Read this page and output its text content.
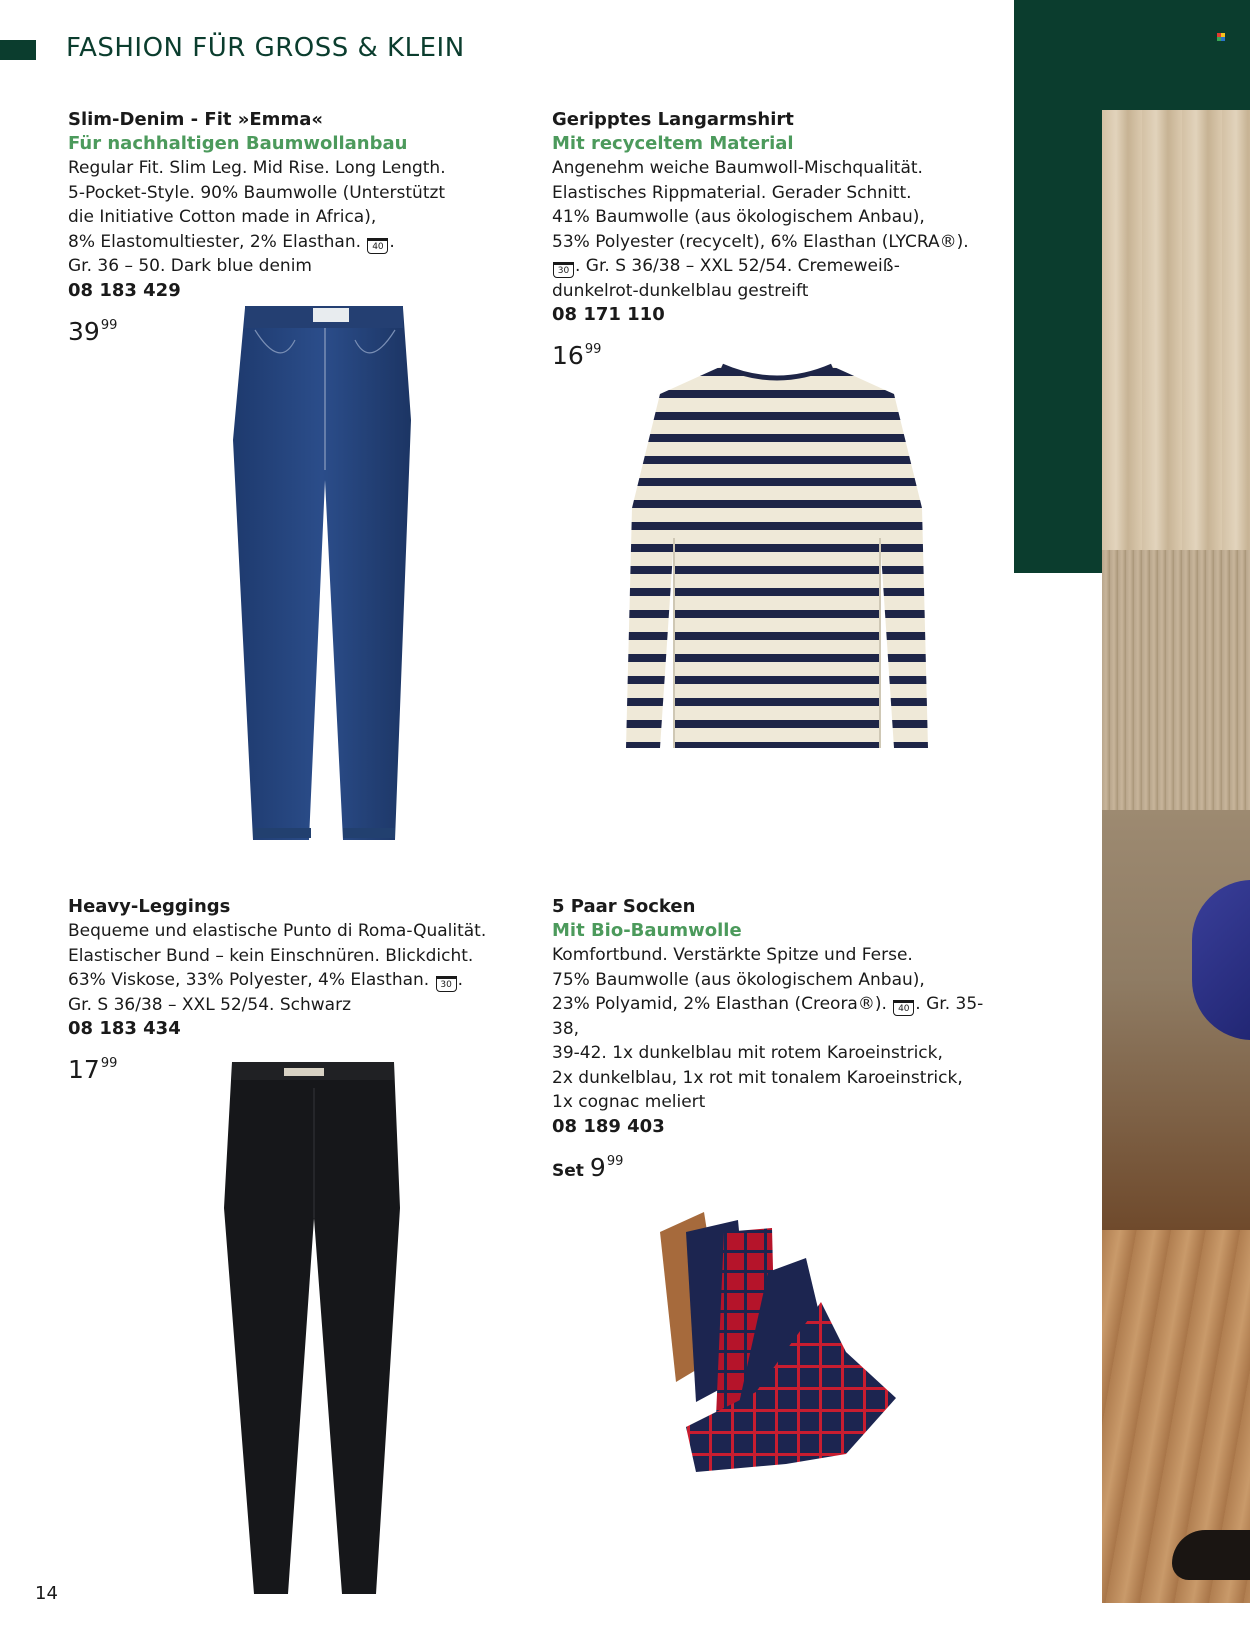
FASHION FÜR GROSS & KLEIN
Slim-Denim - Fit »Emma«
Für nachhaltigen Baumwollanbau
Regular Fit. Slim Leg. Mid Rise. Long Length.
5-Pocket-Style. 90% Baumwolle (Unterstützt
die Initiative Cotton made in Africa),
8% Elastomultiester, 2% Elasthan. 40 .
Gr. 36 – 50. Dark blue denim
08 183 429
$39^{99}$
Geripptes Langarmshirt
Mit recyceltem Material
Angenehm weiche Baumwoll-Mischqualität.
Elastisches Rippmaterial. Gerader Schnitt.
41% Baumwolle (aus ökologischem Anbau),
53% Polyester (recycelt), 6% Elasthan (LYCRA®).
30 . Gr. S 36/38 – XXL 52/54. Cremeweiß-
dunkelrot-dunkelblau gestreift
08 171 110
$16^{99}$
Heavy-Leggings
Bequeme und elastische Punto di Roma-Qualität.
Elastischer Bund – kein Einschnüren. Blickdicht.
63% Viskose, 33% Polyester, 4% Elasthan. 30 .
Gr. S 36/38 – XXL 52/54. Schwarz
08 183 434
$17^{99}$
5 Paar Socken
Mit Bio-Baumwolle
Komfortbund. Verstärkte Spitze und Ferse.
75% Baumwolle (aus ökologischem Anbau),
23% Polyamid, 2% Elasthan (Creora®). 40 . Gr. 35-38,
39-42. 1x dunkelblau mit rotem Karoeinstrick,
2x dunkelblau, 1x rot mit tonalem Karoeinstrick,
1x cognac meliert
08 189 403
Set $9^{99}$
14
